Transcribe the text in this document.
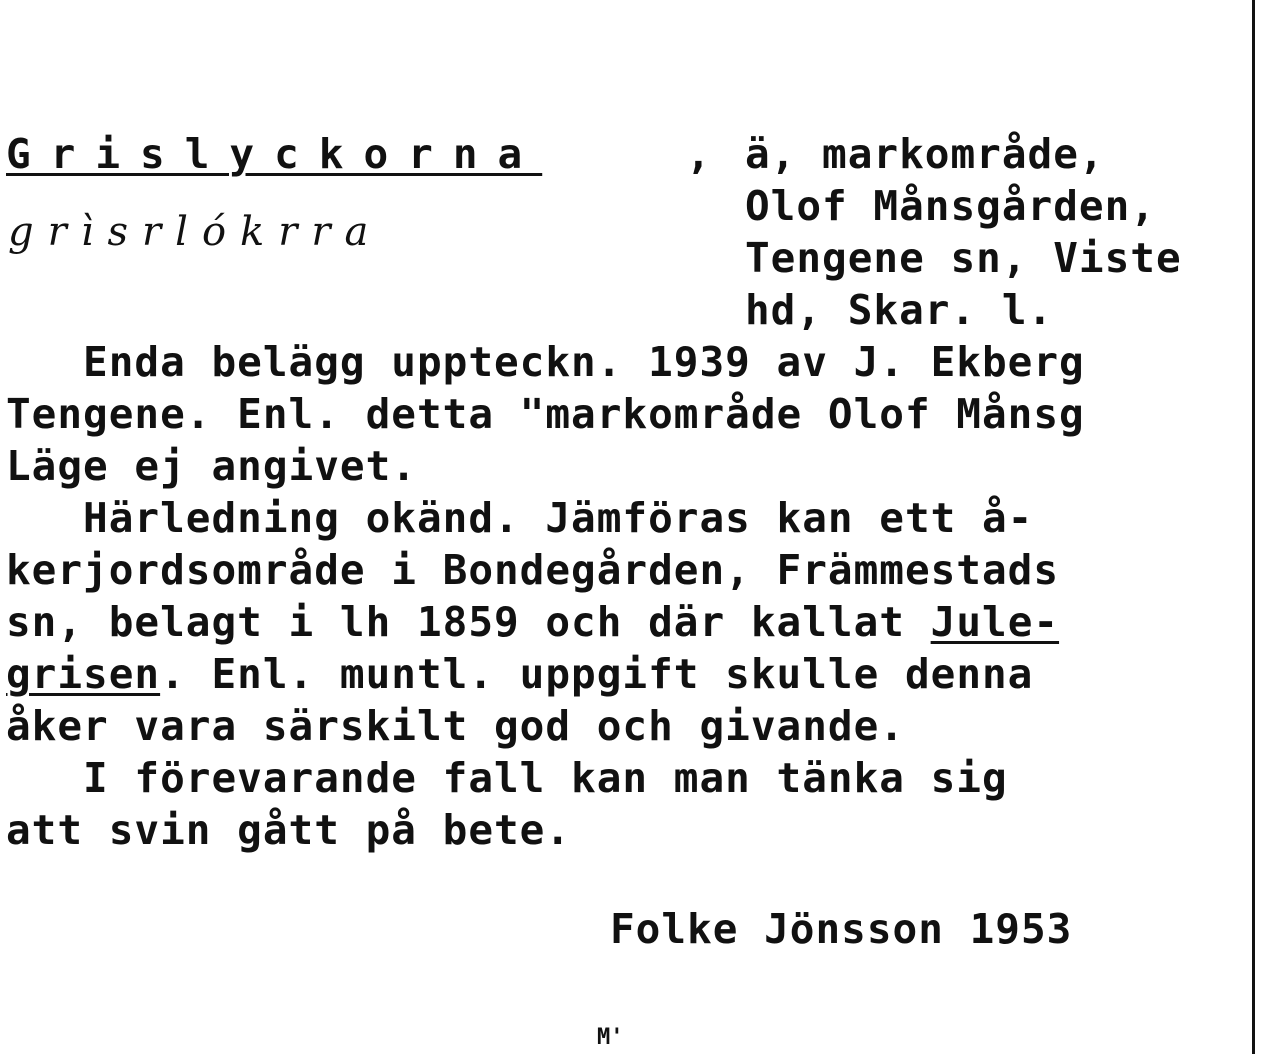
Grislyckorna	,
grìsrlókrra
ä, markområde,
Olof Månsgården,
Tengene sn, Viste
hd, Skar. l.
Enda belägg uppteckn. 1939 av J. Ekberg
Tengene. Enl. detta "markområde Olof Månsg
Läge ej angivet.
Härledning okänd. Jämföras kan ett å-
kerjordsområde i Bondegården, Främmestads
sn, belagt i lh 1859 och där kallat Jule-
grisen. Enl. muntl. uppgift skulle denna
åker vara särskilt god och givande.
I förevarande fall kan man tänka sig
att svin gått på bete.
Folke Jönsson 1953
M'
